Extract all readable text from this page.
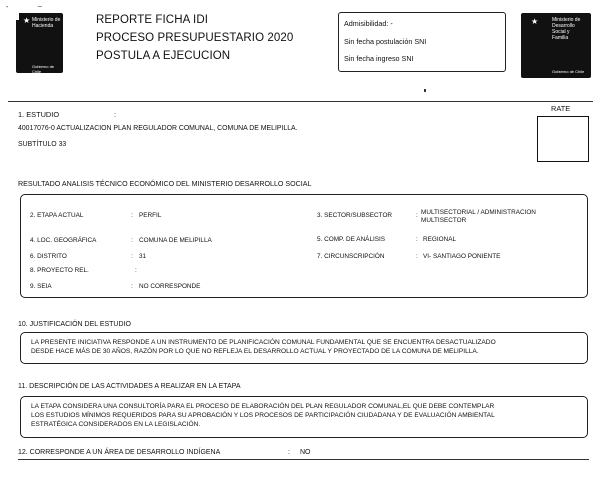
-
_
★ Ministerio de
Hacienda
Gobierno de Chile
REPORTE FICHA IDI
PROCESO PRESUPUESTARIO 2020
POSTULA A EJECUCION
Admisibilidad: -
Sin fecha postulación SNI
Sin fecha ingreso SNI
★	Ministerio de
Desarrollo
Social y
Familia
Gobierno de Chile
RATE
1. ESTUDIO	:
40017076-0 ACTUALIZACION PLAN REGULADOR COMUNAL, COMUNA DE MELIPILLA.
SUBTÍTULO 33
RESULTADO ANALISIS TÉCNICO ECONÓMICO DEL MINISTERIO DESARROLLO SOCIAL
2. ETAPA ACTUAL	: PERFIL
4. LOC. GEOGRÁFICA	: COMUNA DE MELIPILLA
6. DISTRITO	: 31
8. PROYECTO REL.	:
9. SEIA	: NO CORRESPONDE
3. SECTOR/SUBSECTOR	: MULTISECTORIAL / ADMINISTRACION
MULTISECTOR
5. COMP. DE ANÁLISIS	: REGIONAL
7. CIRCUNSCRIPCIÓN	: VI- SANTIAGO PONIENTE
10. JUSTIFICACIÓN DEL ESTUDIO
LA PRESENTE INICIATIVA RESPONDE A UN INSTRUMENTO DE PLANIFICACIÓN COMUNAL FUNDAMENTAL QUE SE ENCUENTRA DESACTUALIZADO
DESDE HACE MÁS DE 30 AÑOS, RAZÓN POR LO QUE NO REFLEJA EL DESARROLLO ACTUAL Y PROYECTADO DE LA COMUNA DE MELIPILLA.
11. DESCRIPCIÓN DE LAS ACTIVIDADES A REALIZAR EN LA ETAPA
LA ETAPA CONSIDERA UNA CONSULTORÍA PARA EL PROCESO DE ELABORACIÓN DEL PLAN REGULADOR COMUNAL,EL QUE DEBE CONTEMPLAR
LOS ESTUDIOS MÍNIMOS REQUERIDOS PARA SU APROBACIÓN Y LOS PROCESOS DE PARTICIPACIÓN CIUDADANA Y DE EVALUACIÓN AMBIENTAL
ESTRATÉGICA CONSIDERADOS EN LA LEGISLACIÓN.
12. CORRESPONDE A UN ÁREA DE DESARROLLO INDÍGENA	: NO
